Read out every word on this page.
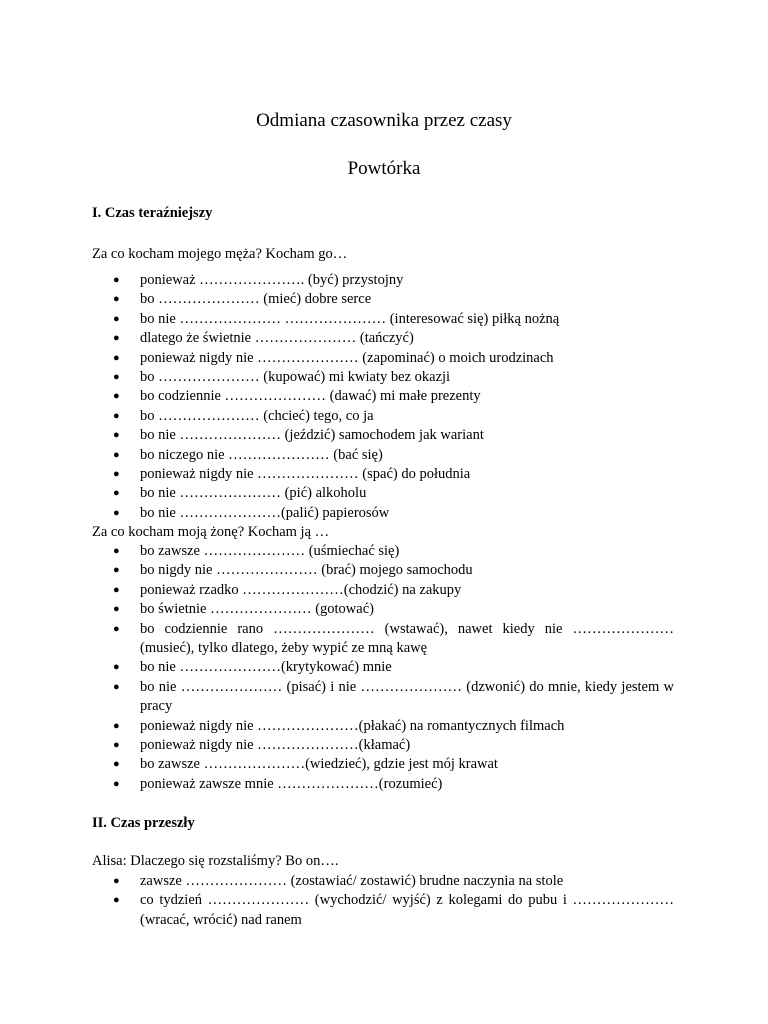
Odmiana czasownika przez czasy
Powtórka
I. Czas teraźniejszy
Za co kocham mojego męża? Kocham go…
● ponieważ …………………. (być) przystojny
● bo ………………… (mieć) dobre serce
● bo nie ………………… ………………… (interesować się) piłką nożną
● dlatego że świetnie ………………… (tańczyć)
● ponieważ nigdy nie ………………… (zapominać) o moich urodzinach
● bo ………………… (kupować) mi kwiaty bez okazji
● bo codziennie ………………… (dawać) mi małe prezenty
● bo ………………… (chcieć) tego, co ja
● bo nie ………………… (jeździć) samochodem jak wariant
● bo niczego nie ………………… (bać się)
● ponieważ nigdy nie ………………… (spać) do południa
● bo nie ………………… (pić) alkoholu
● bo nie …………………(palić) papierosów
Za co kocham moją żonę? Kocham ją …
● bo zawsze ………………… (uśmiechać się)
● bo nigdy nie ………………… (brać) mojego samochodu
● ponieważ rzadko …………………(chodzić) na zakupy
● bo świetnie ………………… (gotować)
● bo codziennie rano ………………… (wstawać), nawet kiedy nie ………………… (musieć), tylko dlatego, żeby wypić ze mną kawę
● bo nie …………………(krytykować) mnie
● bo nie ………………… (pisać) i nie ………………… (dzwonić) do mnie, kiedy jestem w pracy
● ponieważ nigdy nie …………………(płakać) na romantycznych filmach
● ponieważ nigdy nie …………………(kłamać)
● bo zawsze …………………(wiedzieć), gdzie jest mój krawat
● ponieważ zawsze mnie …………………(rozumieć)
II. Czas przeszły
Alisa: Dlaczego się rozstaliśmy? Bo on….
● zawsze ………………… (zostawiać/ zostawić) brudne naczynia na stole
● co tydzień ………………… (wychodzić/ wyjść) z kolegami do pubu i ………………… (wracać, wrócić) nad ranem
